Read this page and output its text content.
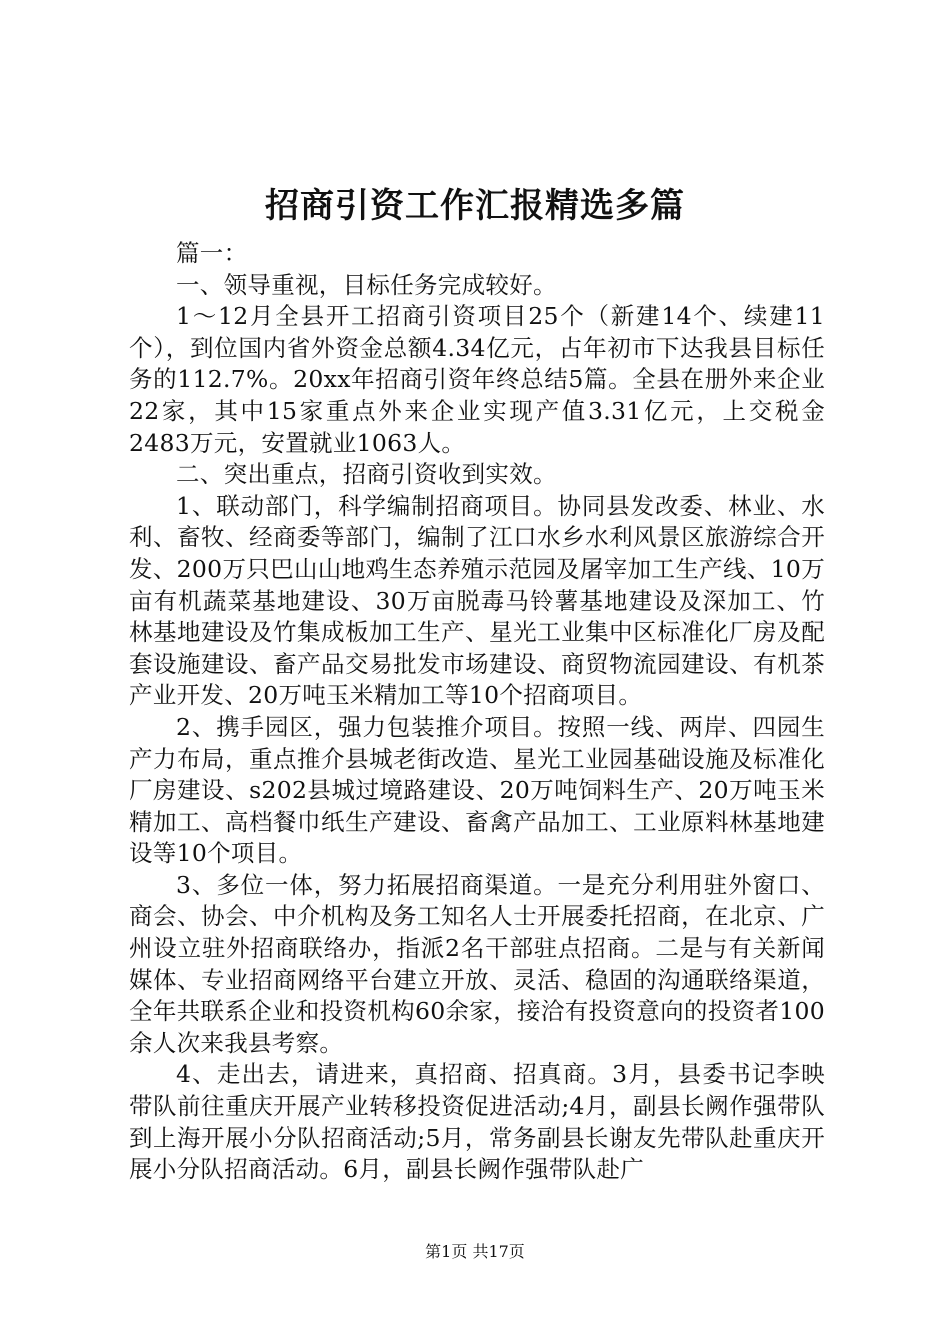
招商引资工作汇报精选多篇

篇一：

一、领导重视，目标任务完成较好。

1～12月全县开工招商引资项目25个（新建14个、续建11个），到位国内省外资金总额4.34亿元，占年初市下达我县目标任务的112.7%。20xx年招商引资年终总结5篇。全县在册外来企业22家，其中15家重点外来企业实现产值3.31亿元，上交税金2483万元，安置就业1063人。

二、突出重点，招商引资收到实效。

1、联动部门，科学编制招商项目。协同县发改委、林业、水利、畜牧、经商委等部门，编制了江口水乡水利风景区旅游综合开发、200万只巴山山地鸡生态养殖示范园及屠宰加工生产线、10万亩有机蔬菜基地建设、30万亩脱毒马铃薯基地建设及深加工、竹林基地建设及竹集成板加工生产、星光工业集中区标准化厂房及配套设施建设、畜产品交易批发市场建设、商贸物流园建设、有机茶产业开发、20万吨玉米精加工等10个招商项目。

2、携手园区，强力包装推介项目。按照一线、两岸、四园生产力布局，重点推介县城老街改造、星光工业园基础设施及标准化厂房建设、s202县城过境路建设、20万吨饲料生产、20万吨玉米精加工、高档餐巾纸生产建设、畜禽产品加工、工业原料林基地建设等10个项目。

3、多位一体，努力拓展招商渠道。一是充分利用驻外窗口、商会、协会、中介机构及务工知名人士开展委托招商，在北京、广州设立驻外招商联络办，指派2名干部驻点招商。二是与有关新闻媒体、专业招商网络平台建立开放、灵活、稳固的沟通联络渠道，全年共联系企业和投资机构60余家，接洽有投资意向的投资者100余人次来我县考察。

4、走出去，请进来，真招商、招真商。3月，县委书记李映带队前往重庆开展产业转移投资促进活动;4月，副县长阙作强带队到上海开展小分队招商活动;5月，常务副县长谢友先带队赴重庆开展小分队招商活动。6月，副县长阙作强带队赴广

第1页 共17页
